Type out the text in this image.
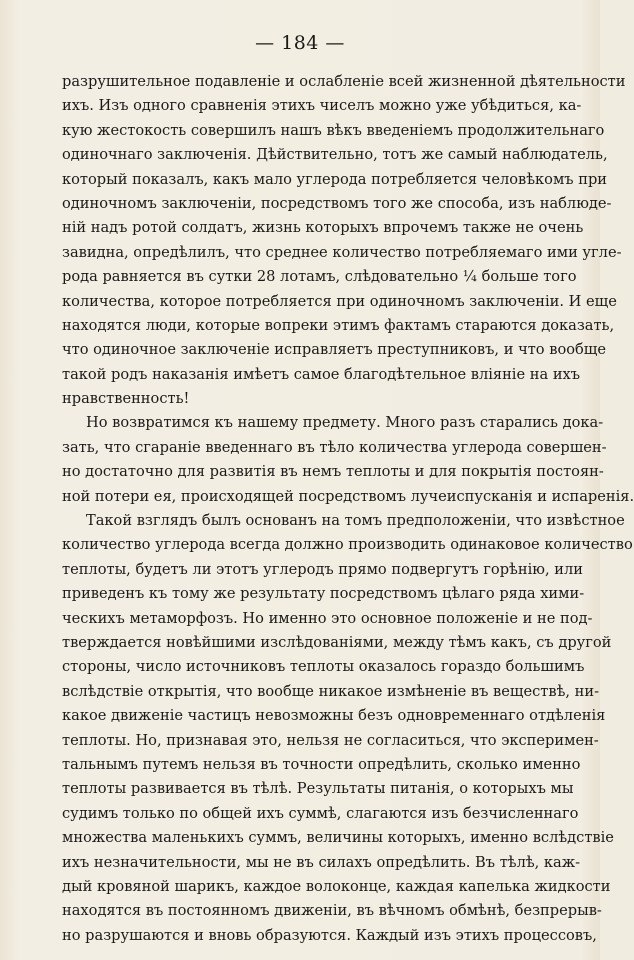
— 184 —
разрушительное подавленіе и ослабленіе всей жизненной дѣятельности
ихъ. Изъ одного сравненія этихъ чиселъ можно уже убѣдиться, ка-
кую жестокость совершилъ нашъ вѣкъ введеніемъ продолжительнаго
одиночнаго заключенія. Дѣйствительно, тотъ же самый наблюдатель,
который показалъ, какъ мало углерода потребляется человѣкомъ при
одиночномъ заключеніи, посредствомъ того же способа, изъ наблюде-
ній надъ ротой солдатъ, жизнь которыхъ впрочемъ также не очень
завидна, опредѣлилъ, что среднее количество потребляемаго ими угле-
рода равняется въ сутки 28 лотамъ, слѣдовательно ¼ больше того
количества, которое потребляется при одиночномъ заключеніи. И еще
находятся люди, которые вопреки этимъ фактамъ стараются доказать,
что одиночное заключеніе исправляетъ преступниковъ, и что вообще
такой родъ наказанія имѣетъ самое благодѣтельное вліяніе на ихъ
нравственность!
Но возвратимся къ нашему предмету. Много разъ старались дока-
зать, что сгараніе введеннаго въ тѣло количества углерода совершен-
но достаточно для развитія въ немъ теплоты и для покрытія постоян-
ной потери ея, происходящей посредствомъ лучеиспусканія и испаренія.
Такой взглядъ былъ основанъ на томъ предположеніи, что извѣстное
количество углерода всегда должно производить одинаковое количество
теплоты, будетъ ли этотъ углеродъ прямо подвергутъ горѣнію, или
приведенъ къ тому же результату посредствомъ цѣлаго ряда хими-
ческихъ метаморфозъ. Но именно это основное положеніе и не под-
тверждается новѣйшими изслѣдованіями, между тѣмъ какъ, съ другой
стороны, число источниковъ теплоты оказалось гораздо большимъ
вслѣдствіе открытія, что вообще никакое измѣненіе въ веществѣ, ни-
какое движеніе частицъ невозможны безъ одновременнаго отдѣленія
теплоты. Но, признавая это, нельзя не согласиться, что эксперимен-
тальнымъ путемъ нельзя въ точности опредѣлить, сколько именно
теплоты развивается въ тѣлѣ. Результаты питанія, о которыхъ мы
судимъ только по общей ихъ суммѣ, слагаются изъ безчисленнаго
множества маленькихъ суммъ, величины которыхъ, именно вслѣдствіе
ихъ незначительности, мы не въ силахъ опредѣлить. Въ тѣлѣ, каж-
дый кровяной шарикъ, каждое волоконце, каждая капелька жидкости
находятся въ постоянномъ движеніи, въ вѣчномъ обмѣнѣ, безпрерыв-
но разрушаются и вновь образуются. Каждый изъ этихъ процессовъ,
